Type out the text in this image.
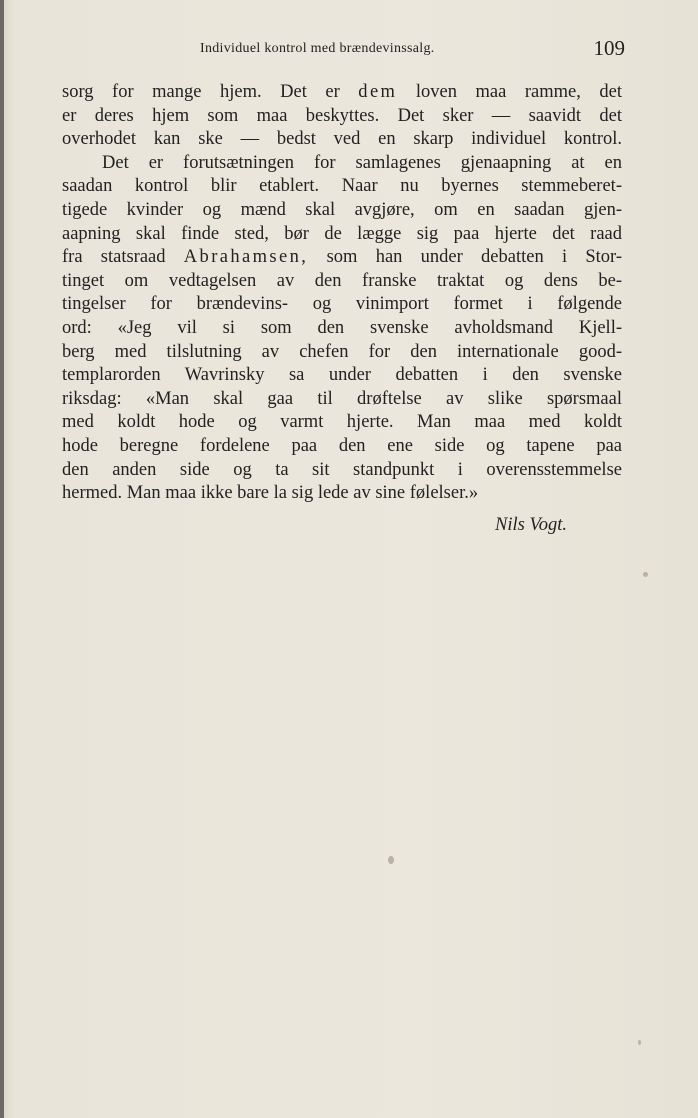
Individuel kontrol med brændevinssalg.	109
sorg for mange hjem. Det er dem loven maa ramme, det
er deres hjem som maa beskyttes. Det sker — saavidt det
overhodet kan ske — bedst ved en skarp individuel kontrol.
Det er forutsætningen for samlagenes gjenaapning at en
saadan kontrol blir etablert. Naar nu byernes stemmeberet-
tigede kvinder og mænd skal avgjøre, om en saadan gjen-
aapning skal finde sted, bør de lægge sig paa hjerte det raad
fra statsraad Abrahamsen, som han under debatten i Stor-
tinget om vedtagelsen av den franske traktat og dens be-
tingelser for brændevins- og vinimport formet i følgende
ord: «Jeg vil si som den svenske avholdsmand Kjell-
berg med tilslutning av chefen for den internationale good-
templarorden Wavrinsky sa under debatten i den svenske
riksdag: «Man skal gaa til drøftelse av slike spørsmaal
med koldt hode og varmt hjerte. Man maa med koldt
hode beregne fordelene paa den ene side og tapene paa
den anden side og ta sit standpunkt i overensstemmelse
hermed. Man maa ikke bare la sig lede av sine følelser.»
Nils Vogt.
